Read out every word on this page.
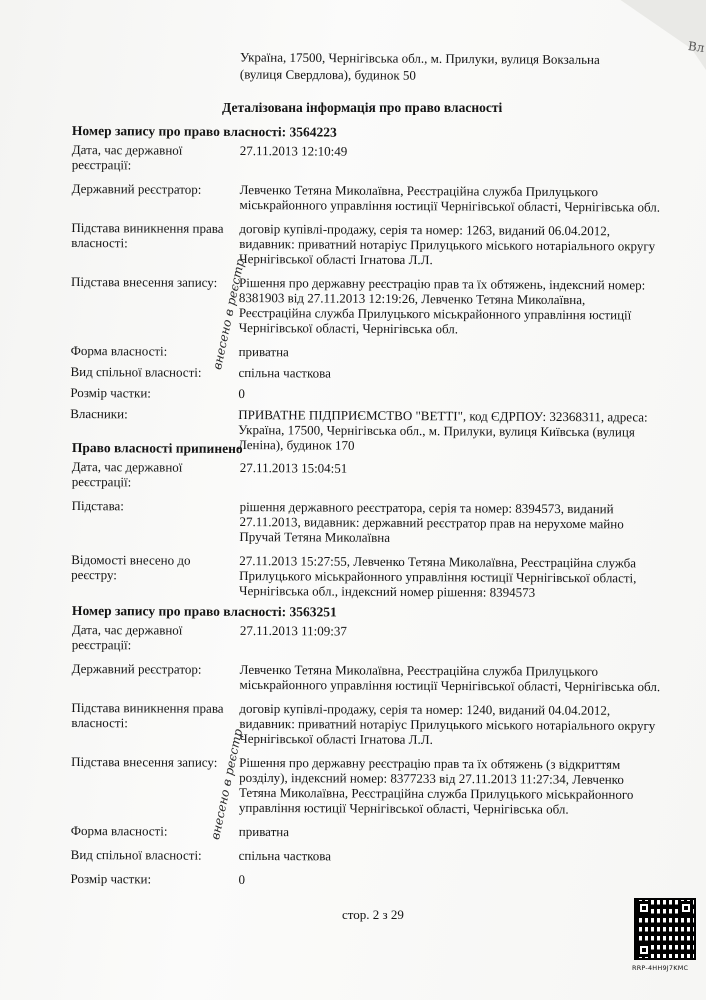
Вл
Україна, 17500, Чернігівська обл., м. Прилуки, вулиця Вокзальна
(вулиця Свердлова), будинок 50
Деталізована інформація про право власності
Номер запису про право власності: 3564223
Дата, час державної реєстрації:
27.11.2013 12:10:49
Державний реєстратор:	Левченко Тетяна Миколаївна, Реєстраційна служба Прилуцького міськрайонного управління юстиції Чернігівської області, Чернігівська обл.
Підстава виникнення права власності:
договір купівлі-продажу, серія та номер: 1263, виданий 06.04.2012, видавник: приватний нотаріус Прилуцького міського нотаріального округу Чернігівської області Ігнатова Л.Л.
Підстава внесення запису:	Рішення про державну реєстрацію прав та їх обтяжень, індексний номер: 8381903 від 27.11.2013 12:19:26, Левченко Тетяна Миколаївна, Реєстраційна служба Прилуцького міськрайонного управління юстиції Чернігівської області, Чернігівська обл.
Форма власності:	приватна
Вид спільної власності:	спільна часткова
Розмір частки:	0
Власники:	ПРИВАТНЕ ПІДПРИЄМСТВО "ВЕТТІ", код ЄДРПОУ: 32368311, адреса: Україна, 17500, Чернігівська обл., м. Прилуки, вулиця Київська (вулиця Леніна), будинок 170
Право власності припинено
Дата, час державної реєстрації:
27.11.2013 15:04:51
Підстава:	рішення державного реєстратора, серія та номер: 8394573, виданий 27.11.2013, видавник: державний реєстратор прав на нерухоме майно Пручай Тетяна Миколаївна
Відомості внесено до реєстру:
27.11.2013 15:27:55, Левченко Тетяна Миколаївна, Реєстраційна служба Прилуцького міськрайонного управління юстиції Чернігівської області, Чернігівська обл., індексний номер рішення: 8394573
Номер запису про право власності: 3563251
Дата, час державної реєстрації:
27.11.2013 11:09:37
Державний реєстратор:	Левченко Тетяна Миколаївна, Реєстраційна служба Прилуцького міськрайонного управління юстиції Чернігівської області, Чернігівська обл.
Підстава виникнення права власності:
договір купівлі-продажу, серія та номер: 1240, виданий 04.04.2012, видавник: приватний нотаріус Прилуцького міського нотаріального округу Чернігівської області Ігнатова Л.Л.
Підстава внесення запису:	Рішення про державну реєстрацію прав та їх обтяжень (з відкриттям розділу), індексний номер: 8377233 від 27.11.2013 11:27:34, Левченко Тетяна Миколаївна, Реєстраційна служба Прилуцького міськрайонного управління юстиції Чернігівської області, Чернігівська обл.
Форма власності:	приватна
Вид спільної власності:	спільна часткова
Розмір частки:	0
внесено в реєстр
внесено в реєстр
стор. 2 з 29
RRP-4HH9J7KMC
